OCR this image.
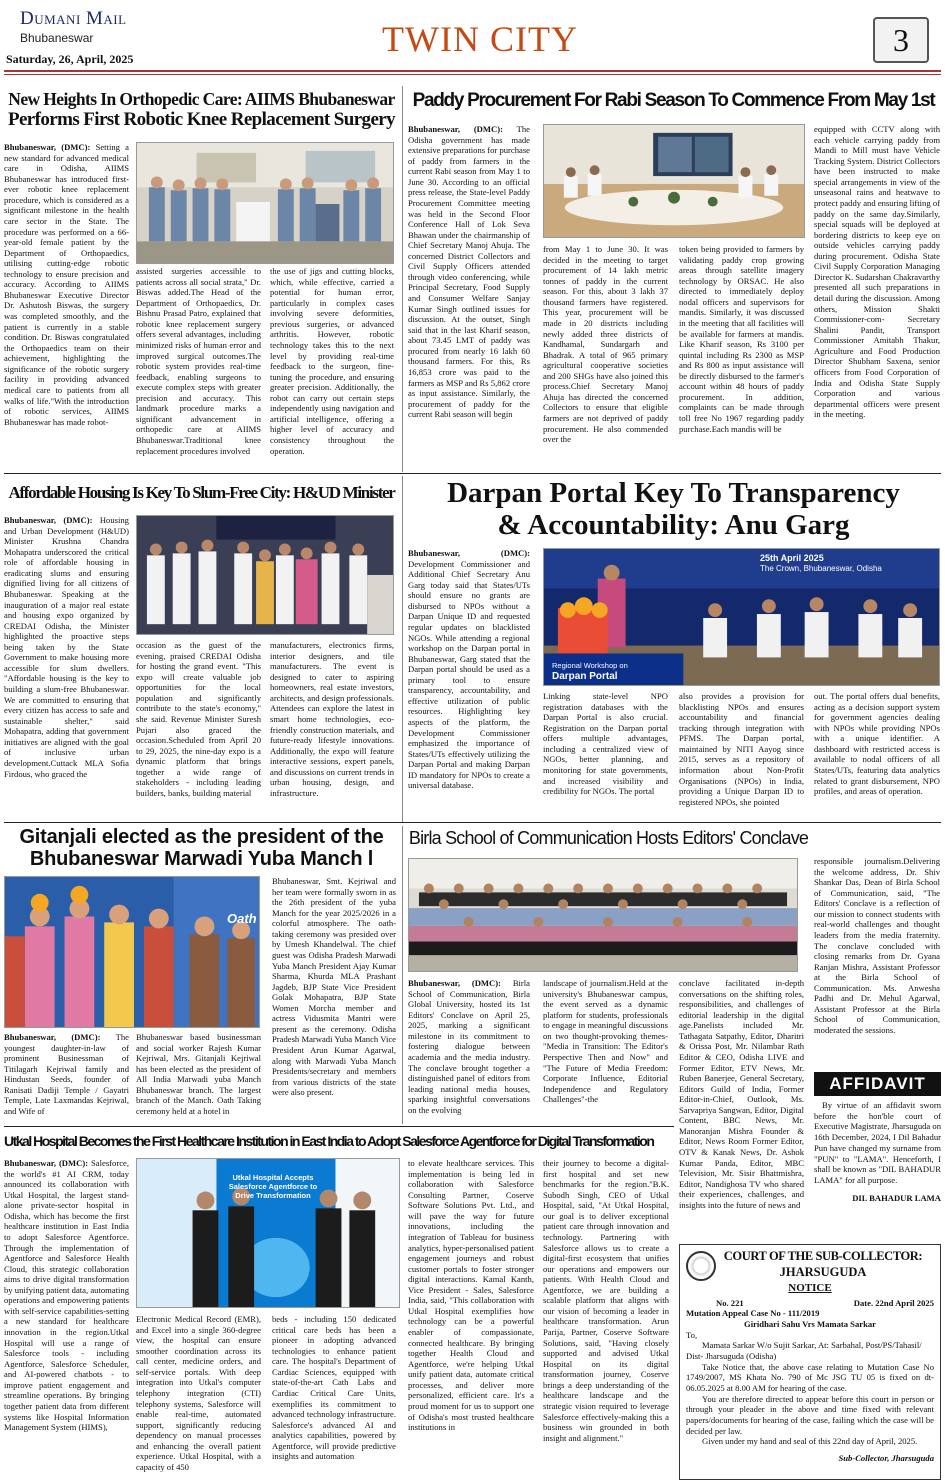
Dumani Mail
Bhubaneswar
Saturday, 26, April, 2025	TWIN CITY	3
New Heights In Orthopedic Care: AIIMS Bhubaneswar
Performs First Robotic Knee Replacement Surgery

Bhubaneswar, (DMC): Setting a new standard for advanced medical care in Odisha, AIIMS Bhubaneswar has introduced first-ever robotic knee replacement procedure, which is considered as a significant milestone in the health care sector in the State. The procedure was performed on a 66-year-old female patient by the Department of Orthopaedics, utilising cutting-edge robotic technology to ensure precision and accuracy. According to AIIMS Bhubaneswar Executive Director Dr. Ashutosh Biswas, the surgery was completed smoothly, and the patient is currently in a stable condition. Dr. Biswas congratulated the Orthopaedics team on their achievement, highlighting the significance of the robotic surgery facility in providing advanced medical care to patients from all walks of life."With the introduction of robotic services, AIIMS Bhubaneswar has made robot-

assisted surgeries accessible to patients across all social strata," Dr. Biswas added.The Head of the Department of Orthopaedics, Dr. Bishnu Prasad Patro, explained that robotic knee replacement surgery offers several advantages, including minimized risks of human error and improved surgical outcomes.The robotic system provides real-time feedback, enabling surgeons to execute complex steps with greater precision and accuracy. This landmark procedure marks a significant advancement in orthopedic care at AIIMS Bhubaneswar.Traditional knee replacement procedures involved

the use of jigs and cutting blocks, which, while effective, carried a potential for human error, particularly in complex cases involving severe deformities, previous surgeries, or advanced arthritis. However, robotic technology takes this to the next level by providing real-time feedback to the surgeon, fine-tuning the procedure, and ensuring greater precision. Additionally, the robot can carry out certain steps independently using navigation and artificial intelligence, offering a higher level of accuracy and consistency throughout the operation.

Paddy Procurement For Rabi Season To Commence From May 1st

Bhubaneswar, (DMC): The Odisha government has made extensive preparations for purchase of paddy from farmers in the current Rabi season from May 1 to June 30. According to an official press release, the State-level Paddy Procurement Committee meeting was held in the Second Floor Conference Hall of Lok Seva Bhawan under the chairmanship of Chief Secretary Manoj Ahuja. The concerned District Collectors and Civil Supply Officers attended through video conferencing, while Principal Secretary, Food Supply and Consumer Welfare Sanjay Kumar Singh outlined issues for discussion. At the outset, Singh said that in the last Kharif season, about 73.45 LMT of paddy was procured from nearly 16 lakh 60 thousand farmers. For this, Rs 16,853 crore was paid to the farmers as MSP and Rs 5,862 crore as input assistance. Similarly, the procurement of paddy for the current Rabi season will begin

from May 1 to June 30. It was decided in the meeting to target procurement of 14 lakh metric tonnes of paddy in the current season. For this, about 3 lakh 37 thousand farmers have registered. This year, procurement will be made in 20 districts including newly added three districts of Kandhamal, Sundargarh and Bhadrak. A total of 965 primary agricultural cooperative societies and 200 SHGs have also joined this process.Chief Secretary Manoj Ahuja has directed the concerned Collectors to ensure that eligible farmers are not deprived of paddy procurement. He also commended over the

token being provided to farmers by validating paddy crop growing areas through satellite imagery technology by ORSAC. He also directed to immediately deploy nodal officers and supervisors for mandis. Similarly, it was discussed in the meeting that all facilities will be available for farmers at mandis. Like Kharif season, Rs 3100 per quintal including Rs 2300 as MSP and Rs 800 as input assistance will be directly disbursed to the farmer's account within 48 hours of paddy procurement. In addition, complaints can be made through toll free No 1967 regarding paddy purchase.Each mandis will be

equipped with CCTV along with each vehicle carrying paddy from Mandi to Mill must have Vehicle Tracking System. District Collectors have been instructed to make special arrangements in view of the unseasonal rains and heatwave to protect paddy and ensuring lifting of paddy on the same day.Similarly, special squads will be deployed at bordering districts to keep eye on outside vehicles carrying paddy during procurement. Odisha State Civil Supply Corporation Managing Director K. Sudarshan Chakravarthy presented all such preparations in detail during the discussion. Among others, Mission Shakti Commissioner-com- Secretary Shalini Pandit, Transport Commissioner Amitabh Thakur, Agriculture and Food Production Director Shubham Saxena, senior officers from Food Corporation of India and Odisha State Supply Corporation and various departmental officers were present in the meeting.

Affordable Housing Is Key To Slum-Free City: H&UD Minister

Bhubaneswar, (DMC): Housing and Urban Development (H&UD) Minister Krushna Chandra Mohapatra underscored the critical role of affordable housing in eradicating slums and ensuring dignified living for all citizens of Bhubaneswar. Speaking at the inauguration of a major real estate and housing expo organized by CREDAI Odisha, the Minister highlighted the proactive steps being taken by the State Government to make housing more accessible for slum dwellers. "Affordable housing is the key to building a slum-free Bhubaneswar. We are committed to ensuring that every citizen has access to safe and sustainable shelter," said Mohapatra, adding that government initiatives are aligned with the goal of inclusive urban development.Cuttack MLA Sofia Firdous, who graced the

occasion as the guest of the evening, praised CREDAI Odisha for hosting the grand event. "This expo will create valuable job opportunities for the local population and significantly contribute to the state's economy," she said. Revenue Minister Suresh Pujari also graced the occasion.Scheduled from April 20 to 29, 2025, the nine-day expo is a dynamic platform that brings together a wide range of stakeholders - including leading builders, banks, building material

manufacturers, electronics firms, interior designers, and tile manufacturers. The event is designed to cater to aspiring homeowners, real estate investors, architects, and design professionals. Attendees can explore the latest in smart home technologies, eco-friendly construction materials, and future-ready lifestyle innovations. Additionally, the expo will feature interactive sessions, expert panels, and discussions on current trends in urban housing, design, and infrastructure.

Darpan Portal Key To Transparency
& Accountability: Anu Garg

Bhubaneswar, (DMC): Development Commissioner and Additional Chief Secretary Anu Garg today said that States/UTs should ensure no grants are disbursed to NPOs without a Darpan Unique ID and requested regular updates on blacklisted NGOs. While attending a regional workshop on the Darpan portal in Bhubaneswar, Garg stated that the Darpan portal should be used as a primary tool to ensure transparency, accountability, and effective utilization of public resources. Highlighting key aspects of the platform, the Development Commissioner emphasized the importance of States/UTs effectively utilizing the Darpan Portal and making Darpan ID mandatory for NPOs to create a universal database.

25th April 2025
The Crown, Bhubaneswar, Odisha
Regional Workshop on
Darpan Portal

Linking state-level NPO registration databases with the Darpan Portal is also crucial. Registration on the Darpan portal offers multiple advantages, including a centralized view of NGOs, better planning, and monitoring for state governments, and increased visibility and credibility for NGOs. The portal

also provides a provision for blacklisting NPOs and ensures accountability and financial tracking through integration with PFMS. The Darpan portal, maintained by NITI Aayog since 2015, serves as a repository of information about Non-Profit Organisations (NPOs) in India, providing a Unique Darpan ID to registered NPOs, she pointed

out. The portal offers dual benefits, acting as a decision support system for government agencies dealing with NPOs while providing NPOs with a unique identifier. A dashboard with restricted access is available to nodal officers of all States/UTs, featuring data analytics related to grant disbursement, NPO profiles, and areas of operation.

Gitanjali elected as the president of the
Bhubaneswar Marwadi Yuba Manch l
Oath

Bhubaneswar, (DMC): The youngest daughter-in-law of prominent Businessman of Titilagarh Kejriwal family and Hindustan Seeds, founder of Ranisati Dadiji Temple / Gayatri Temple, Late Laxmandas Kejriwal, and Wife of

Bhubaneswar based businessman and social worker Rajesh Kumar Kejriwal, Mrs. Gitanjali Kejriwal has been elected as the president of All India Marwadi yuba Manch Bhubaneswar branch. The largest branch of the Manch. Oath Taking ceremony held at a hotel in

Bhubaneswar, Smt. Kejriwal and her team were formally sworn in as the 26th president of the yuba Manch for the year 2025/2026 in a colorful atmosphere. The oath-taking ceremony was presided over by Umesh Khandelwal. The chief guest was Odisha Pradesh Marwadi Yuba Manch President Ajay Kumar Sharma, Khurda MLA Prashant Jagdeb, BJP State Vice President Golak Mohapatra, BJP State Women Morcha member and actress Vidusmita Mantri were present as the ceremony. Odisha Pradesh Marwadi Yuba Manch Vice President Arun Kumar Agarwal, along with Marwadi Yuba Manch Presidents/secretary and members from various districts of the state were also present.

Birla School of Communication Hosts Editors' Conclave

Bhubaneswar, (DMC): Birla School of Communication, Birla Global University, hosted its 1st Editors' Conclave on April 25, 2025, marking a significant milestone in its commitment to fostering dialogue between academia and the media industry. The conclave brought together a distinguished panel of editors from leading national media houses, sparking insightful conversations on the evolving

landscape of journalism.Held at the university's Bhubaneswar campus, the event served as a dynamic platform for students, professionals to engage in meaningful discussions on two thought-provoking themes- "Media in Transition: The Editor's Perspective Then and Now" and "The Future of Media Freedom: Corporate Influence, Editorial Independence and Regulatory Challenges"-the

conclave facilitated in-depth conversations on the shifting roles, responsibilities, and challenges of editorial leadership in the digital age.Panelists included Mr. Tathagata Satpathy, Editor, Dharitri & Orissa Post, Mr. Nilambar Rath Editor & CEO, Odisha LIVE and Former Editor, ETV News, Mr. Ruben Banerjee, General Secretary, Editors Guild of India, Former Editor-in-Chief, Outlook, Ms. Sarvapriya Sangwan, Editor, Digital Content, BBC News, Mr. Manoranjan Mishra Founder & Editor, News Room Former Editor, OTV & Kanak News, Dr. Ashok Kumar Panda, Editor, MBC Television, Mr. Sisir Bhattmishra, Editor, Nandighosa TV who shared their experiences, challenges, and insights into the future of news and

responsible journalism.Delivering the welcome address, Dr. Shiv Shankar Das, Dean of Birla School of Communication, said, "The Editors' Conclave is a reflection of our mission to connect students with real-world challenges and thought leaders from the media fraternity. The conclave concluded with closing remarks from Dr. Gyana Ranjan Mishra, Assistant Professor at the Birla School of Communication. Ms. Anwesha Padhi and Dr. Mehul Agarwal, Assistant Professor at the Birla School of Communication, moderated the sessions.

AFFIDAVIT
By virtue of an affidavit sworn before the hon'ble court of Executive Magistrate, Jharsuguda on 16th December, 2024, I Dil Bahadur Pun have changed my surname from "PUN" to "LAMA". Henceforth, I shall be known as "DIL BAHADUR LAMA" for all purpose.
DIL BAHADUR LAMA
Utkal Hospital Becomes the First Healthcare Institution in East India to Adopt Salesforce Agentforce for Digital Transformation

Bhubaneswar, (DMC): Salesforce, the world's #1 AI CRM, today announced its collaboration with Utkal Hospital, the largest stand-alone private-sector hospital in Odisha, which has become the first healthcare institution in East India to adopt Salesforce Agentforce. Through the implementation of Agentforce and Salesforce Health Cloud, this strategic collaboration aims to drive digital transformation by unifying patient data, automating operations and empowering patients with self-service capabilities-setting a new standard for healthcare innovation in the region.Utkal Hospital will use a range of Salesforce tools - including Agentforce, Salesforce Scheduler, and AI-powered chatbots - to improve patient engagement and streamline operations. By bringing together patient data from different systems like Hospital Information Management System (HIMS),

Utkal Hospital Accepts Salesforce Agentforce to Drive Transformation

Electronic Medical Record (EMR), and Excel into a single 360-degree view, the hospital can ensure smoother coordination across its call center, medicine orders, and self-service portals. With deep integration into Utkal's computer telephony integration (CTI) telephony systems, Salesforce will enable real-time, automated support, significantly reducing dependency on manual processes and enhancing the overall patient experience. Utkal Hospital, with a capacity of 450

beds - including 150 dedicated critical care beds has been a pioneer in adopting advanced technologies to enhance patient care. The hospital's Department of Cardiac Sciences, equipped with state-of-the-art Cath Labs and Cardiac Critical Care Units, exemplifies its commitment to advanced technology infrastructure. Salesforce's advanced AI and analytics capabilities, powered by Agentforce, will provide predictive insights and automation

to elevate healthcare services. This implementation is being led in collaboration with Salesforce Consulting Partner, Coserve Software Solutions Pvt. Ltd., and will pave the way for future innovations, including the integration of Tableau for business analytics, hyper-personalised patient engagement journeys and robust customer portals to foster stronger digital interactions. Kamal Kanth, Vice President - Sales, Salesforce India, said, "This collaboration with Utkal Hospital exemplifies how technology can be a powerful enabler of compassionate, connected healthcare. By bringing together Health Cloud and Agentforce, we're helping Utkal unify patient data, automate critical processes, and deliver more personalized, efficient care. It's a proud moment for us to support one of Odisha's most trusted healthcare institutions in

their journey to become a digital-first hospital and set new benchmarks for the region."B.K. Subodh Singh, CEO of Utkal Hospital, said, "At Utkal Hospital, our goal is to deliver exceptional patient care through innovation and technology. Partnering with Salesforce allows us to create a digital-first ecosystem that unifies our operations and empowers our patients. With Health Cloud and Agentforce, we are building a scalable platform that aligns with our vision of becoming a leader in healthcare transformation. Arun Parija, Partner, Coserve Software Solutions, said, "Having closely supported and advised Utkal Hospital on its digital transformation journey, Coserve brings a deep understanding of the healthcare landscape and the strategic vision required to leverage Salesforce effectively-making this a business win grounded in both insight and alignment."

COURT OF THE SUB-COLLECTOR:
JHARSUGUDA
NOTICE
No. 221	Date. 22nd April 2025
Mutation Appeal Case No - 111/2019
Giridhari Sahu Vrs Mamata Sarkar
To,
Mamata Sarkar W/o Sujit Sarkar, At: Sarbahal, Post/PS/Tahasil/ Dist- Jharsuguda (Odisha)
Take Notice that, the above case relating to Mutation Case No 1749/2007, MS Khata No. 790 of Mc JSG TU 05 is fixed on dt-06.05.2025 at 8.00 AM for hearing of the case.
You are therefore directed to appear before this court in person or through your pleader in the above and time fixed with relevant papers/documents for hearing of the case, failing which the case will be decided per law.
Given under my hand and seal of this 22nd day of April, 2025.
Sub-Collector, Jharsuguda
